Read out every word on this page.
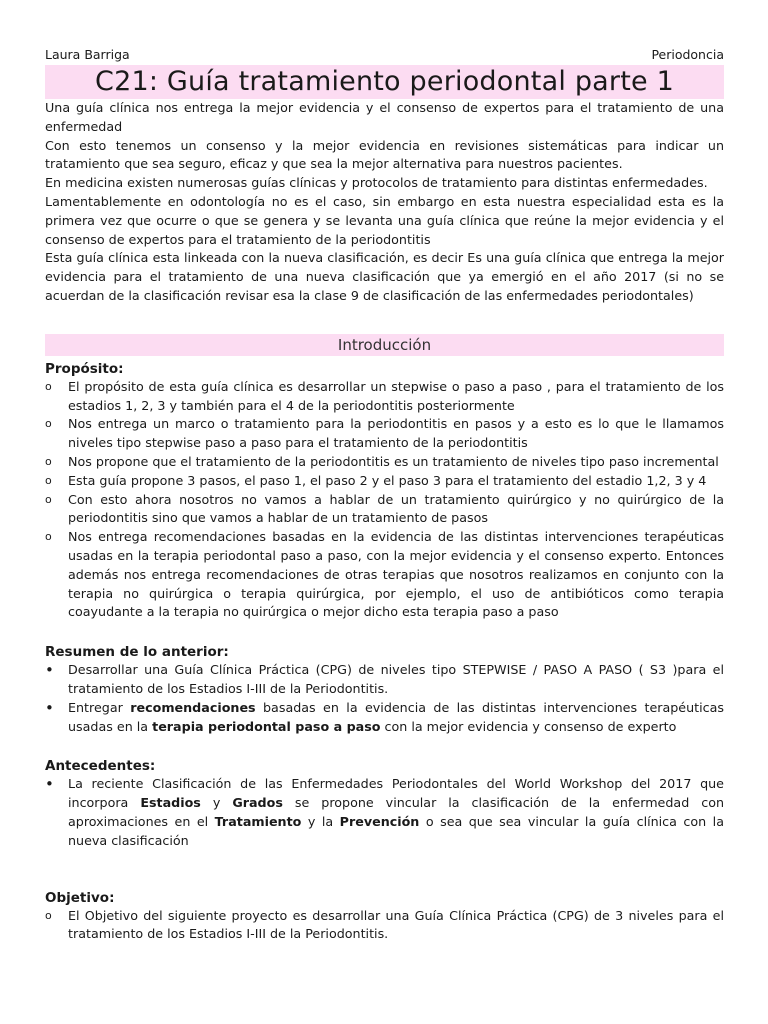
Laura Barriga	Periodoncia
C21: Guía tratamiento periodontal parte 1

Una guía clínica nos entrega la mejor evidencia y el consenso de expertos para el tratamiento de una enfermedad

Con esto tenemos un consenso y la mejor evidencia en revisiones sistemáticas para indicar un tratamiento que sea seguro, eficaz y que sea la mejor alternativa para nuestros pacientes.

En medicina existen numerosas guías clínicas y protocolos de tratamiento para distintas enfermedades.

Lamentablemente en odontología no es el caso, sin embargo en esta nuestra especialidad esta es la primera vez que ocurre o que se genera y se levanta una guía clínica que reúne la mejor evidencia y el consenso de expertos para el tratamiento de la periodontitis

Esta guía clínica esta linkeada con la nueva clasificación, es decir Es una guía clínica que entrega la mejor evidencia para el tratamiento de una nueva clasificación que ya emergió en el año 2017 (si no se acuerdan de la clasificación revisar esa la clase 9 de clasificación de las enfermedades periodontales)

Introducción

Propósito:

o	El propósito de esta guía clínica es desarrollar un stepwise o paso a paso , para el tratamiento de los estadios 1, 2, 3 y también para el 4 de la periodontitis posteriormente
o	Nos entrega un marco o tratamiento para la periodontitis en pasos y a esto es lo que le llamamos niveles tipo stepwise paso a paso para el tratamiento de la periodontitis
o	Nos propone que el tratamiento de la periodontitis es un tratamiento de niveles tipo paso incremental
o	Esta guía propone 3 pasos, el paso 1, el paso 2 y el paso 3 para el tratamiento del estadio 1,2, 3 y 4
o	Con esto ahora nosotros no vamos a hablar de un tratamiento quirúrgico y no quirúrgico de la periodontitis sino que vamos a hablar de un tratamiento de pasos
o	Nos entrega recomendaciones basadas en la evidencia de las distintas intervenciones terapéuticas usadas en la terapia periodontal paso a paso, con la mejor evidencia y el consenso experto. Entonces además nos entrega recomendaciones de otras terapias que nosotros realizamos en conjunto con la terapia no quirúrgica o terapia quirúrgica, por ejemplo, el uso de antibióticos como terapia coayudante a la terapia no quirúrgica o mejor dicho esta terapia paso a paso

Resumen de lo anterior:

• Desarrollar una Guía Clínica Práctica (CPG) de niveles tipo STEPWISE / PASO A PASO ( S3 )para el tratamiento de los Estadios I-III de la Periodontitis.
• Entregar recomendaciones basadas en la evidencia de las distintas intervenciones terapéuticas usadas en la terapia periodontal paso a paso con la mejor evidencia y consenso de experto

Antecedentes:

• La reciente Clasificación de las Enfermedades Periodontales del World Workshop del 2017 que incorpora Estadios y Grados se propone vincular la clasificación de la enfermedad con aproximaciones en el Tratamiento y la Prevención o sea que sea vincular la guía clínica con la nueva clasificación

Objetivo:

o	El Objetivo del siguiente proyecto es desarrollar una Guía Clínica Práctica (CPG) de 3 niveles para el tratamiento de los Estadios I-III de la Periodontitis.
